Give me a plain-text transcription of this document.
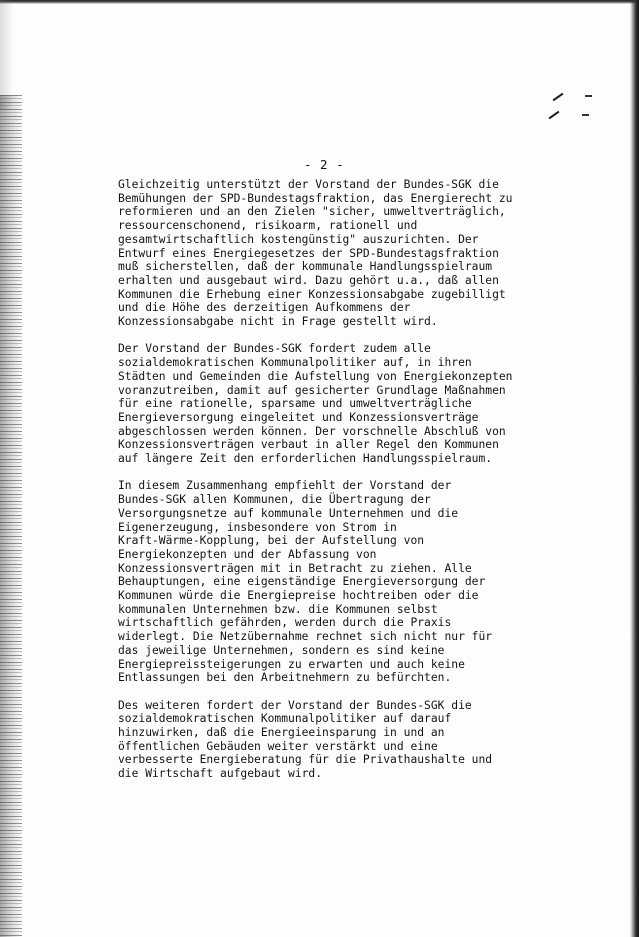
- 2 -
Gleichzeitig unterstützt der Vorstand der Bundes-SGK die
Bemühungen der SPD-Bundestagsfraktion, das Energierecht zu
reformieren und an den Zielen "sicher, umweltverträglich,
ressourcenschonend, risikoarm, rationell und
gesamtwirtschaftlich kostengünstig" auszurichten. Der
Entwurf eines Energiegesetzes der SPD-Bundestagsfraktion
muß sicherstellen, daß der kommunale Handlungsspielraum
erhalten und ausgebaut wird. Dazu gehört u.a., daß allen
Kommunen die Erhebung einer Konzessionsabgabe zugebilligt
und die Höhe des derzeitigen Aufkommens der
Konzessionsabgabe nicht in Frage gestellt wird.
Der Vorstand der Bundes-SGK fordert zudem alle
sozialdemokratischen Kommunalpolitiker auf, in ihren
Städten und Gemeinden die Aufstellung von Energiekonzepten
voranzutreiben, damit auf gesicherter Grundlage Maßnahmen
für eine rationelle, sparsame und umweltverträgliche
Energieversorgung eingeleitet und Konzessionsverträge
abgeschlossen werden können. Der vorschnelle Abschluß von
Konzessionsverträgen verbaut in aller Regel den Kommunen
auf längere Zeit den erforderlichen Handlungsspielraum.
In diesem Zusammenhang empfiehlt der Vorstand der
Bundes-SGK allen Kommunen, die Übertragung der
Versorgungsnetze auf kommunale Unternehmen und die
Eigenerzeugung, insbesondere von Strom in
Kraft-Wärme-Kopplung, bei der Aufstellung von
Energiekonzepten und der Abfassung von
Konzessionsverträgen mit in Betracht zu ziehen. Alle
Behauptungen, eine eigenständige Energieversorgung der
Kommunen würde die Energiepreise hochtreiben oder die
kommunalen Unternehmen bzw. die Kommunen selbst
wirtschaftlich gefährden, werden durch die Praxis
widerlegt. Die Netzübernahme rechnet sich nicht nur für
das jeweilige Unternehmen, sondern es sind keine
Energiepreissteigerungen zu erwarten und auch keine
Entlassungen bei den Arbeitnehmern zu befürchten.
Des weiteren fordert der Vorstand der Bundes-SGK die
sozialdemokratischen Kommunalpolitiker auf darauf
hinzuwirken, daß die Energieeinsparung in und an
öffentlichen Gebäuden weiter verstärkt und eine
verbesserte Energieberatung für die Privathaushalte und
die Wirtschaft aufgebaut wird.
